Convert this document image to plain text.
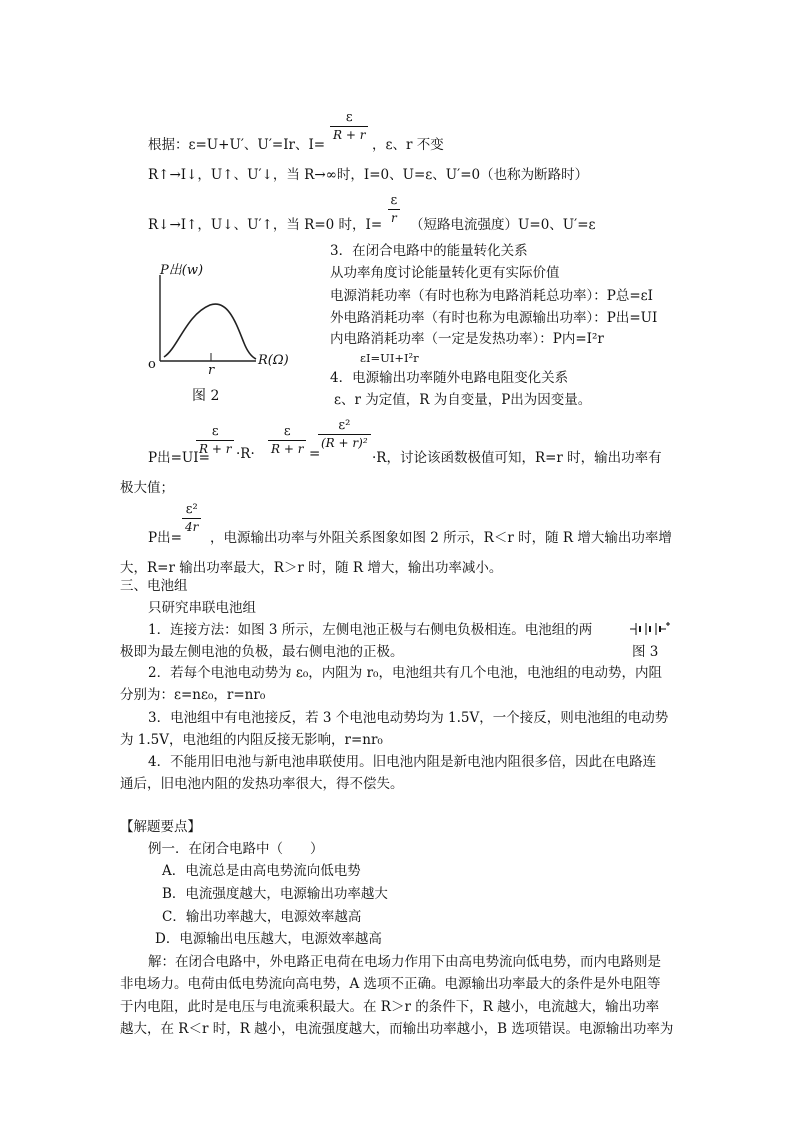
根据：ε=U+U′、U′=Ir、I=
$\frac{\varepsilon}{R + r}$
，ε、r 不变
R↑→I↓，U↑、U′↓，当 R→∞时，I=0、U=ε、U′=0（也称为断路时）
R↓→I↑，U↓、U′↑，当 R=0 时，$I= \frac{\varepsilon}{r}$ （短路电流强度）U=0、U′=ε
P出(w)
R(Ω)
o	r
图 2
3．在闭合电路中的能量转化关系
从功率角度讨论能量转化更有实际价值
电源消耗功率（有时也称为电路消耗总功率）：P总=εI
外电路消耗功率（有时也称为电源输出功率）：P出=UI
内电路消耗功率（一定是发热功率）：P内=I²r
εI=UI+I²r
4．电源输出功率随外电路电阻变化关系
ε、r 为定值，R 为自变量，P出为因变量。
P出=UI=
$\frac{\varepsilon}{R + r} \cdot R\cdot \frac{\varepsilon}{R + r}$ =
$\frac{\text{ε²}}{\text{(R + r)²}}$
·R，讨论该函数极值可知，R=r 时，输出功率有
极大值；
P出=
$\frac{\text{ε²}}{4r}$
，电源输出功率与外阻关系图象如图 2 所示，R＜r 时，随 R 增大输出功率增
大，R=r 输出功率最大，R＞r 时，随 R 增大，输出功率减小。
三、电池组
只研究串联电池组
1．连接方法：如图 3 所示，左侧电池正极与右侧电负极相连。电池组的两
极即为最左侧电池的负极，最右侧电池的正极。	图 3
2．若每个电池电动势为 ε₀，内阻为 r₀，电池组共有几个电池，电池组的电动势，内阻
分别为：ε=nε₀，r=nr₀
3．电池组中有电池接反，若 3 个电池电动势均为 1.5V，一个接反，则电池组的电动势
为 1.5V，电池组的内阻反接无影响，r=nr₀
4．不能用旧电池与新电池串联使用。旧电池内阻是新电池内阻很多倍，因此在电路连
通后，旧电池内阻的发热功率很大，得不偿失。
【解题要点】
例一．在闭合电路中（　　）
A．电流总是由高电势流向低电势
B．电流强度越大，电源输出功率越大
C．输出功率越大，电源效率越高
D．电源输出电压越大，电源效率越高
解：在闭合电路中，外电路正电荷在电场力作用下由高电势流向低电势，而内电路则是
非电场力。电荷由低电势流向高电势，A 选项不正确。电源输出功率最大的条件是外电阻等
于内电阻，此时是电压与电流乘积最大。在 R＞r 的条件下，R 越小，电流越大，输出功率
越大，在 R＜r 时，R 越小，电流强度越大，而输出功率越小，B 选项错误。电源输出功率为
